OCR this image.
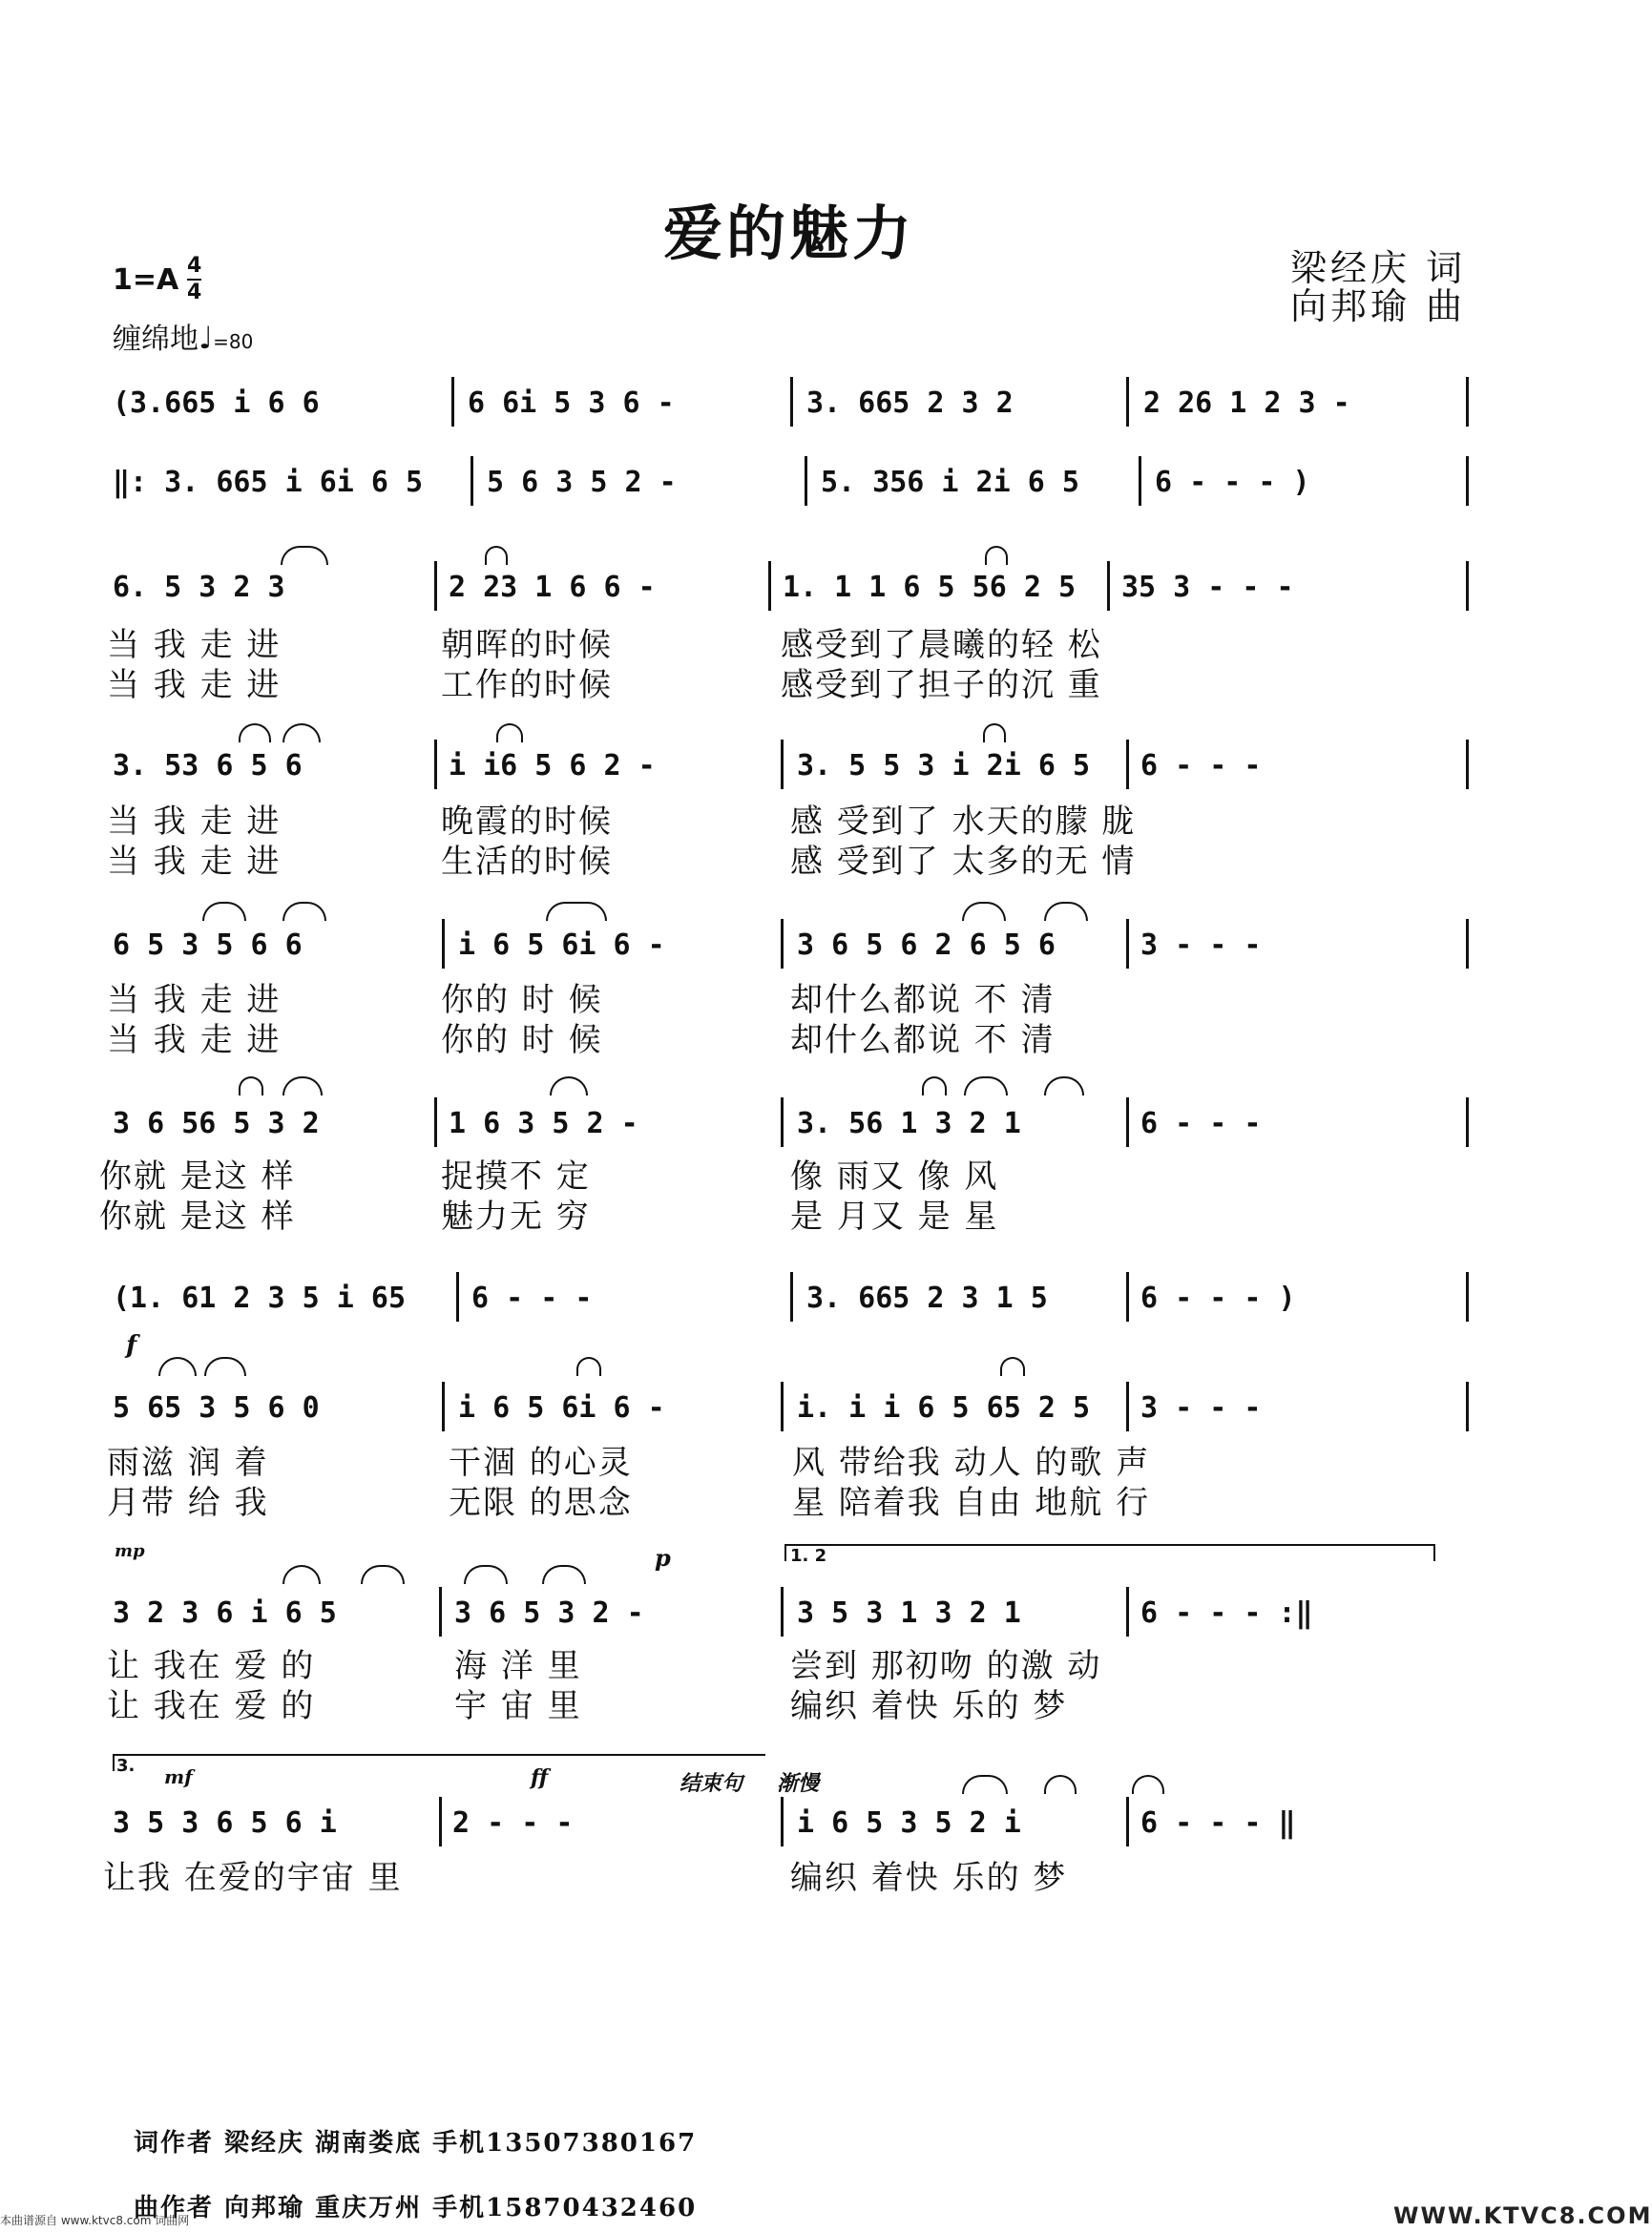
爱的魅力	梁经庆 词
向邦瑜 曲
1=A 4
4
缠绵地♩=80
(3.665 i 6 6	6 6i 5 3 6 -	3. 665 2 3 2	2 26 1 2 3 -
‖: 3. 665 i 6i 6 5 5 6 3 5 2 -	5. 356 i 2i 6 5	6 - - - )
6. 5 3 2 3	2 23 1 6 6 -	1. 1 1 6 5 56 2 5 35 3 - - -
当 我 走 进	朝晖的时候	感受到了晨曦的轻 松
当 我 走 进	工作的时候	感受到了担子的沉 重
3. 53 6 5 6	i i6 5 6 2 -	3. 5 5 3 i 2i 6 5 6 - - -
当 我 走 进	晚霞的时候	感 受到了 水天的朦 胧
当 我 走 进	生活的时候	感 受到了 太多的无 情
6 5 3 5 6 6	i 6 5 6i 6 -	3 6 5 6 2 6 5 6	3 - - -
当 我 走 进	你的 时 候	却什么都说 不 清
当 我 走 进	你的 时 候	却什么都说 不 清
3 6 56 5 3 2	1 6 3 5 2 -	3. 56 1 3 2 1	6 - - -
你就 是这 样	捉摸不 定	像 雨又 像 风
你就 是这 样	魅力无 穷	是 月又 是 星
(1. 61 2 3 5 i 65 6 - - -	3. 665 2 3 1 5	6 - - - )
f
5 65 3 5 6 0	i 6 5 6i 6 -	i. i i 6 5 65 2 5 3 - - -
雨滋 润 着	干涸 的心灵	风 带给我 动人 的歌 声
月带 给 我	无限 的思念	星 陪着我 自由 地航 行
mp	p	1. 2
3 2 3 6 i 6 5	3 6 5 3 2 -	3 5 3 1 3 2 1	6 - - - :‖
让 我在 爱 的	海 洋 里	尝到 那初吻 的激 动
让 我在 爱 的	宇 宙 里	编织 着快 乐的 梦
3. mf	ff	结束句 渐慢
3 5 3 6 5 6 i	2 - - -	i 6 5 3 5 2 i	6 - - - ‖
让我 在爱的宇宙 里	编织 着快 乐的 梦
词作者 梁经庆 湖南娄底 手机13507380167
曲作者 向邦瑜 重庆万州 手机15870432460
本曲谱源自 www.ktvc8.com 词曲网	WWW.KTVC8.COM
